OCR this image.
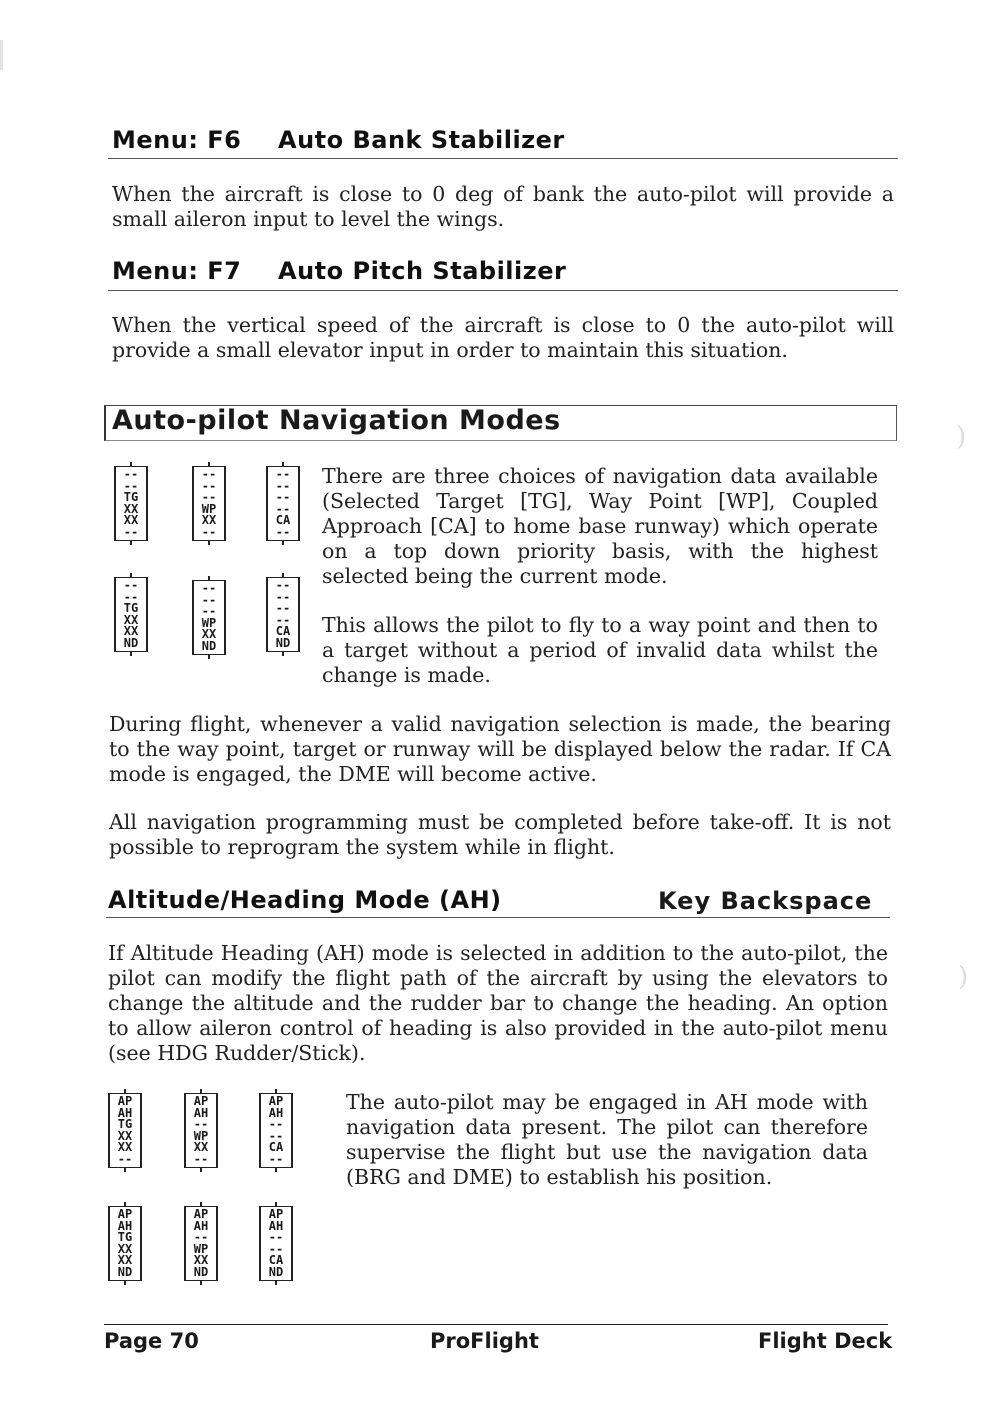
Menu: F6 Auto Bank Stabilizer

When the aircraft is close to 0 deg of bank the auto-pilot will provide a small aileron input to level the wings.

Menu: F7 Auto Pitch Stabilizer

When the vertical speed of the aircraft is close to 0 the auto-pilot will provide a small elevator input in order to maintain this situation.

Auto-pilot Navigation Modes
--
--
TG
XX
XX
--
--
--
--
WP
XX
--
--
--
--
--
CA
--
--
--
TG
XX
XX
ND
--
--
--
WP
XX
ND
--
--
--
--
CA
ND

There are three choices of navigation data available (Selected Target [TG], Way Point [WP], Coupled Approach [CA] to home base runway) which operate on a top down priority basis, with the highest selected being the current mode.

This allows the pilot to fly to a way point and then to a target without a period of invalid data whilst the change is made.

During flight, whenever a valid navigation selection is made, the bearing to the way point, target or runway will be displayed below the radar. If CA mode is engaged, the DME will become active.

All navigation programming must be completed before take-off. It is not possible to reprogram the system while in flight.

Altitude/Heading Mode (AH)	Key Backspace

If Altitude Heading (AH) mode is selected in addition to the auto-pilot, the pilot can modify the flight path of the aircraft by using the elevators to change the altitude and the rudder bar to change the heading. An option to allow aileron control of heading is also provided in the auto-pilot menu (see HDG Rudder/Stick).

AP
AH
TG
XX
XX
--
AP
AH
--
WP
XX
--
AP
AH
--
--
CA
--
AP
AH
TG
XX
XX
ND
AP
AH
--
WP
XX
ND
AP
AH
--
--
CA
ND

The auto-pilot may be engaged in AH mode with navigation data present. The pilot can therefore supervise the flight but use the navigation data (BRG and DME) to establish his position.

)
)
Page 70	ProFlight	Flight Deck
